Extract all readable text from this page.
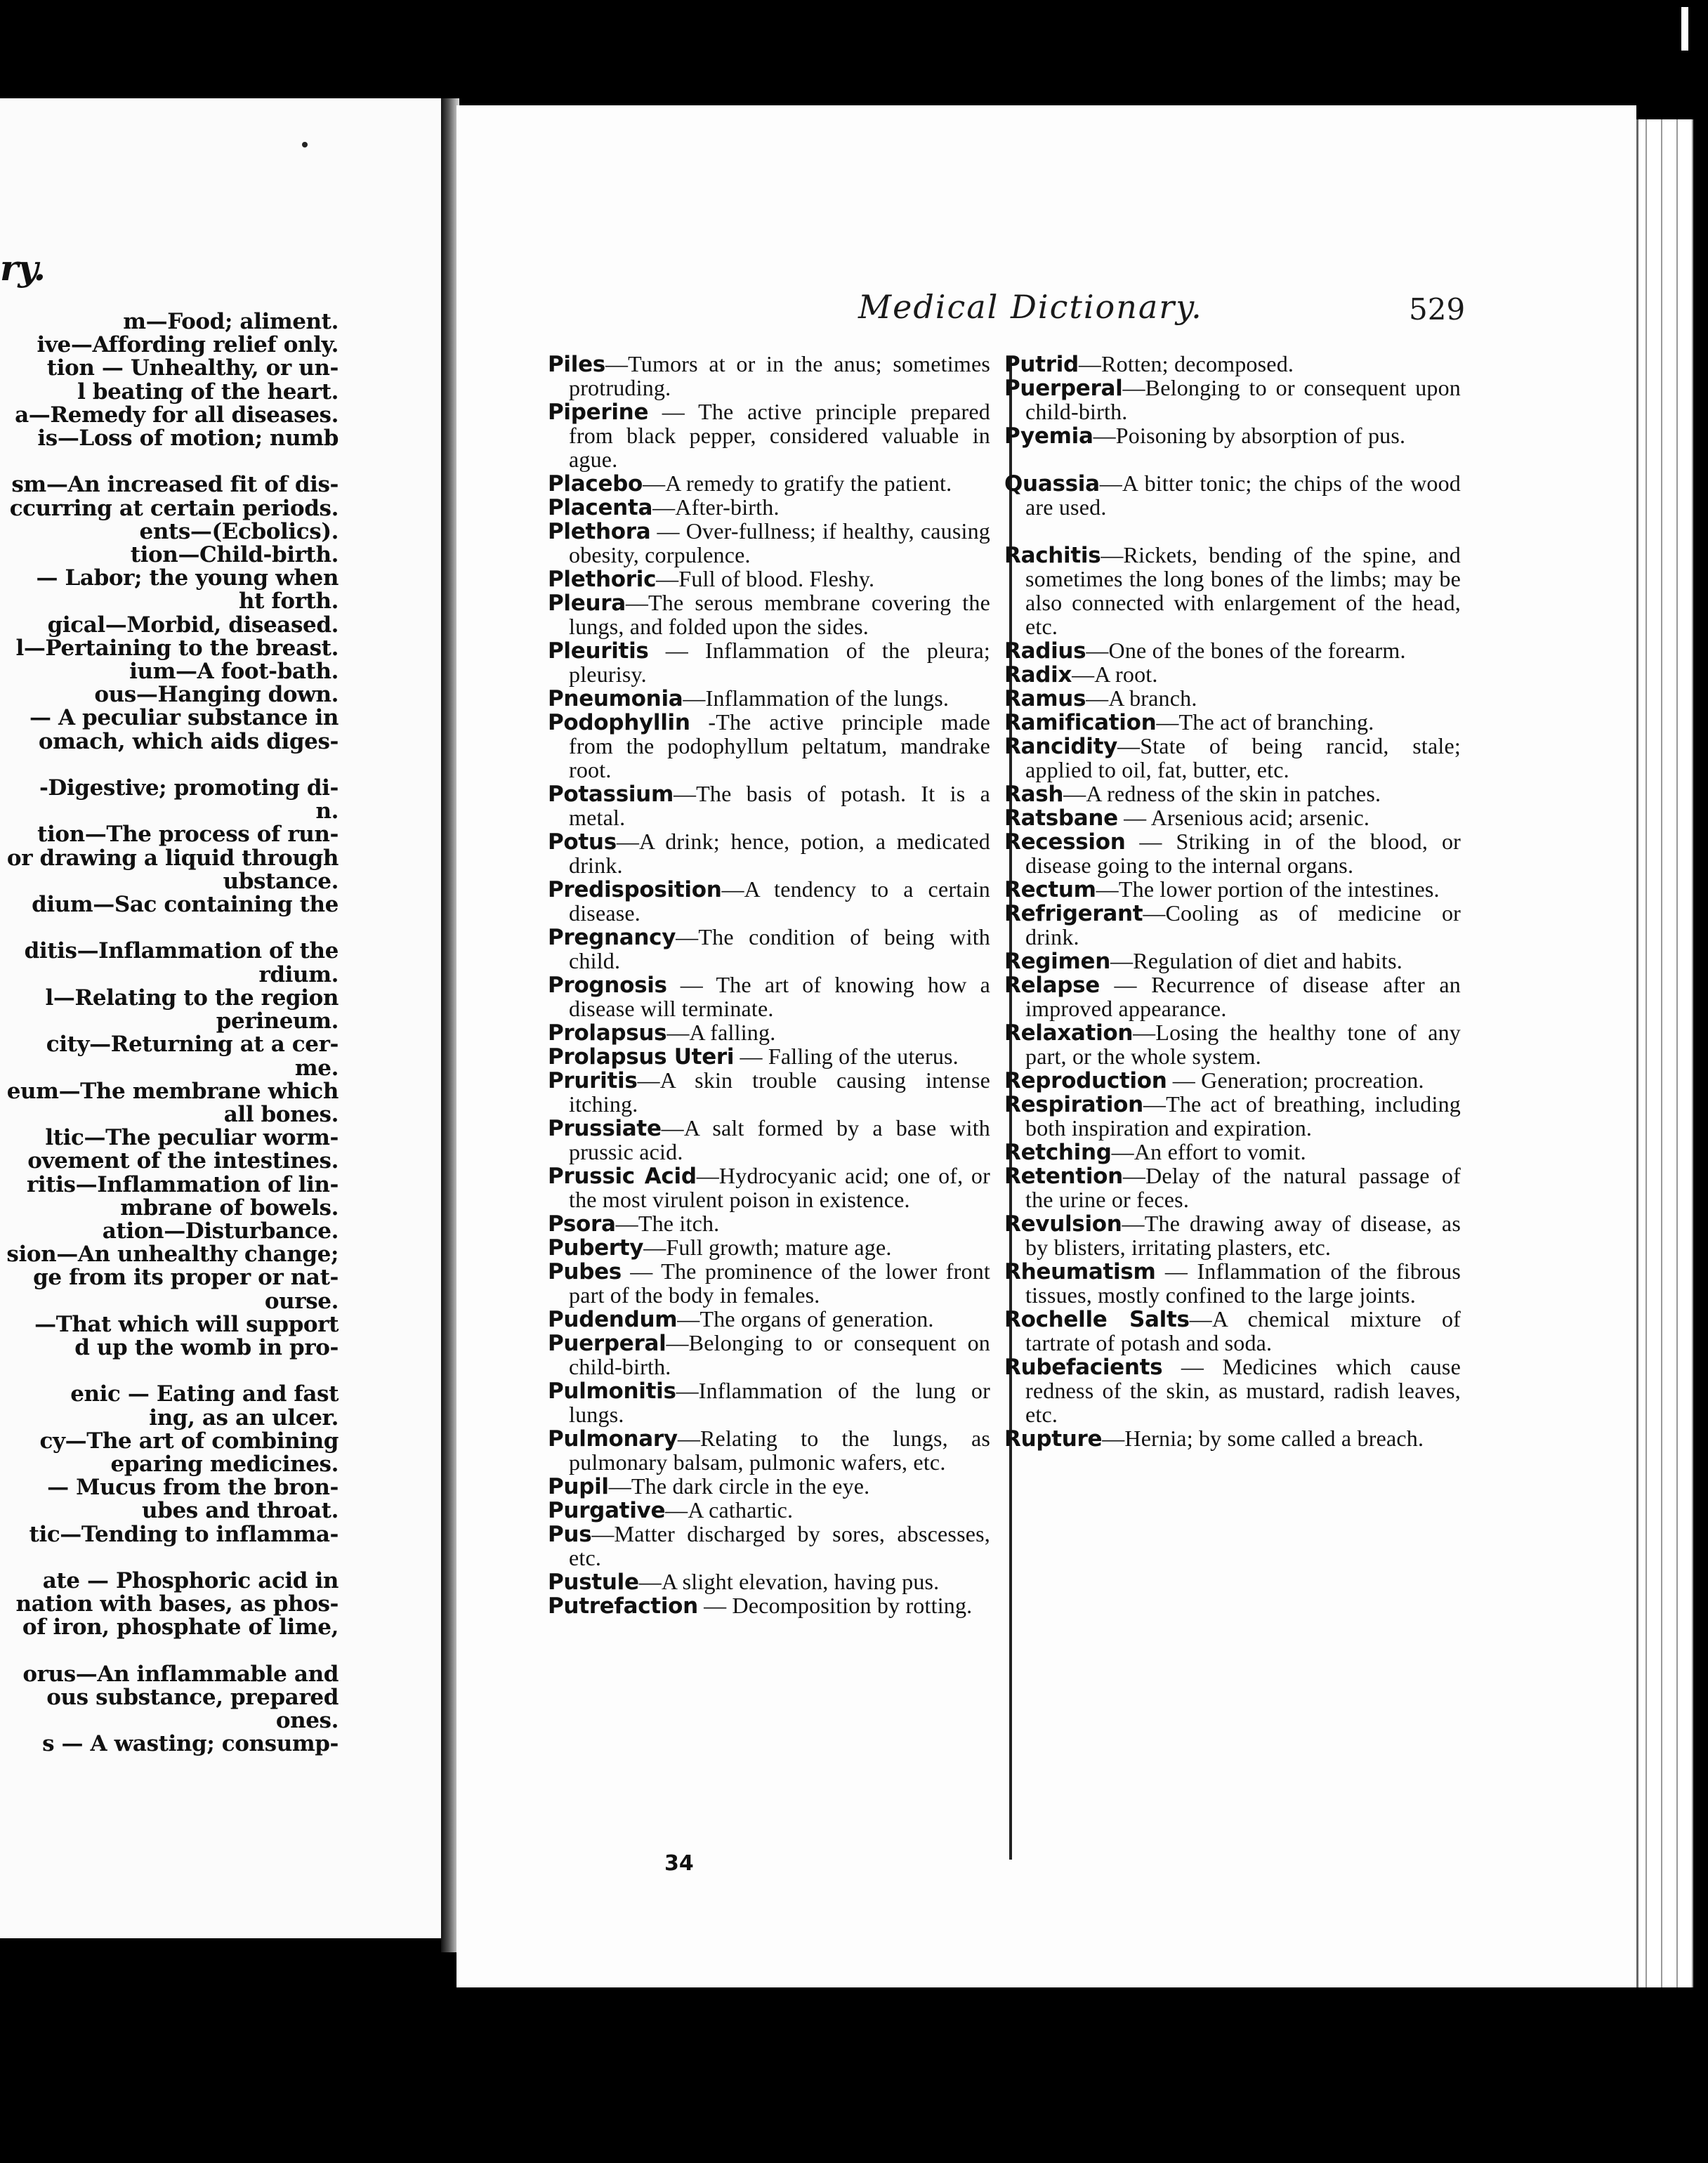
ry.
m—Food; aliment.
ive—Affording relief only.
tion — Unhealthy, or un-
l beating of the heart.
a—Remedy for all diseases.
is—Loss of motion; numb

sm—An increased fit of dis-
ccurring at certain periods.
ents—(Ecbolics).
tion—Child-birth.
— Labor; the young when
ht forth.
gical—Morbid, diseased.
l—Pertaining to the breast.
ium—A foot-bath.
ous—Hanging down.
— A peculiar substance in
omach, which aids diges-

-Digestive; promoting di-
n.
tion—The process of run-
or drawing a liquid through
ubstance.
dium—Sac containing the

ditis—Inflammation of the
rdium.
l—Relating to the region
perineum.
city—Returning at a cer-
me.
eum—The membrane which
all bones.
ltic—The peculiar worm-
ovement of the intestines.
ritis—Inflammation of lin-
mbrane of bowels.
ation—Disturbance.
sion—An unhealthy change;
ge from its proper or nat-
ourse.
—That which will support
d up the womb in pro-

enic — Eating and fast
ing, as an ulcer.
cy—The art of combining
eparing medicines.
— Mucus from the bron-
ubes and throat.
tic—Tending to inflamma-

ate — Phosphoric acid in
nation with bases, as phos-
of iron, phosphate of lime,

orus—An inflammable and
ous substance, prepared
ones.
s — A wasting; consump-
Medical Dictionary.	529

Piles—Tumors at or in the anus; sometimes protruding.

Piperine — The active principle prepared from black pepper, considered valuable in ague.

Placebo—A remedy to gratify the patient.

Placenta—After-birth.

Plethora — Over-fullness; if healthy, causing obesity, corpulence.

Plethoric—Full of blood. Fleshy.

Pleura—The serous membrane covering the lungs, and folded upon the sides.

Pleuritis — Inflammation of the pleura; pleurisy.

Pneumonia—Inflammation of the lungs.

Podophyllin -The active principle made from the podophyllum peltatum, mandrake root.

Potassium—The basis of potash. It is a metal.

Potus—A drink; hence, potion, a medicated drink.

Predisposition—A tendency to a certain disease.

Pregnancy—The condition of being with child.

Prognosis — The art of knowing how a disease will terminate.

Prolapsus—A falling.

Prolapsus Uteri — Falling of the uterus.

Pruritis—A skin trouble causing intense itching.

Prussiate—A salt formed by a base with prussic acid.

Prussic Acid—Hydrocyanic acid; one of, or the most virulent poison in existence.

Psora—The itch.

Puberty—Full growth; mature age.

Pubes — The prominence of the lower front part of the body in females.

Pudendum—The organs of generation.

Puerperal—Belonging to or consequent on child-birth.

Pulmonitis—Inflammation of the lung or lungs.

Pulmonary—Relating to the lungs, as pulmonary balsam, pulmonic wafers, etc.

Pupil—The dark circle in the eye.

Purgative—A cathartic.

Pus—Matter discharged by sores, abscesses, etc.

Pustule—A slight elevation, having pus.

Putrefaction — Decomposition by rotting.

Putrid—Rotten; decomposed.

Puerperal—Belonging to or consequent upon child-birth.

Pyemia—Poisoning by absorption of pus.

Quassia—A bitter tonic; the chips of the wood are used.

Rachitis—Rickets, bending of the spine, and sometimes the long bones of the limbs; may be also connected with enlargement of the head, etc.

Radius—One of the bones of the forearm.

Radix—A root.

Ramus—A branch.

Ramification—The act of branching.

Rancidity—State of being rancid, stale; applied to oil, fat, butter, etc.

Rash—A redness of the skin in patches.

Ratsbane — Arsenious acid; arsenic.

Recession — Striking in of the blood, or disease going to the internal organs.

Rectum—The lower portion of the intestines.

Refrigerant—Cooling as of medicine or drink.

Regimen—Regulation of diet and habits.

Relapse — Recurrence of disease after an improved appearance.

Relaxation—Losing the healthy tone of any part, or the whole system.

Reproduction — Generation; procreation.

Respiration—The act of breathing, including both inspiration and expiration.

Retching—An effort to vomit.

Retention—Delay of the natural passage of the urine or feces.

Revulsion—The drawing away of disease, as by blisters, irritating plasters, etc.

Rheumatism — Inflammation of the fibrous tissues, mostly confined to the large joints.

Rochelle Salts—A chemical mixture of tartrate of potash and soda.

Rubefacients — Medicines which cause redness of the skin, as mustard, radish leaves, etc.

Rupture—Hernia; by some called a breach.

34
